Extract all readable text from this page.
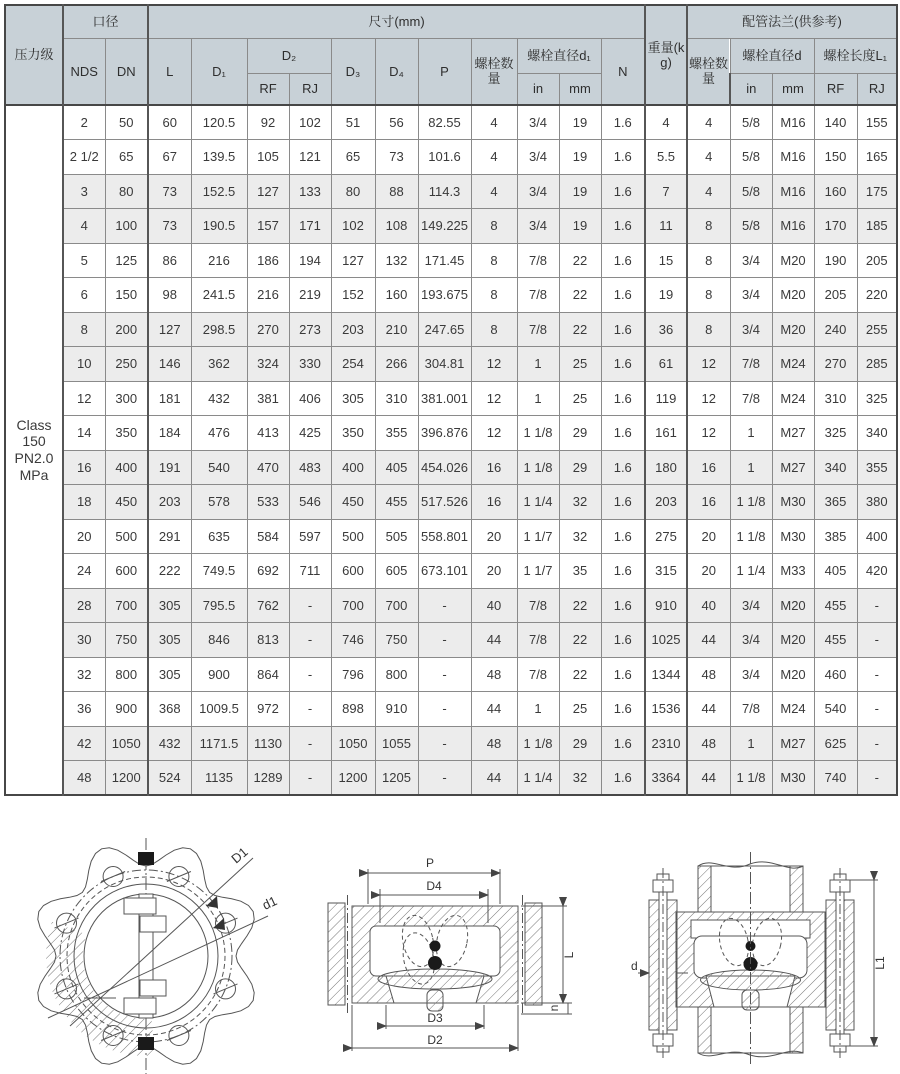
压力级	口径		尺寸(mm)											重量(kg)	配管法兰(供参考)				
	NDS	DN	L	D₁	D₂		D₃	D₄	P	螺栓数量	螺栓直径d₁		N		螺栓数量	螺栓直径d		螺栓长度L₁	
					RF	RJ					in	mm				in	mm	RF	RJ
Class 150 PN2.0 MPa	2	50	60	120.5	92	102	51	56	82.55	4	3/4	19	1.6	4	4	5/8	M16	140	155
	2 1/2	65	67	139.5	105	121	65	73	101.6	4	3/4	19	1.6	5.5	4	5/8	M16	150	165
	3	80	73	152.5	127	133	80	88	114.3	4	3/4	19	1.6	7	4	5/8	M16	160	175
	4	100	73	190.5	157	171	102	108	149.225	8	3/4	19	1.6	11	8	5/8	M16	170	185
	5	125	86	216	186	194	127	132	171.45	8	7/8	22	1.6	15	8	3/4	M20	190	205
	6	150	98	241.5	216	219	152	160	193.675	8	7/8	22	1.6	19	8	3/4	M20	205	220
	8	200	127	298.5	270	273	203	210	247.65	8	7/8	22	1.6	36	8	3/4	M20	240	255
	10	250	146	362	324	330	254	266	304.81	12	1	25	1.6	61	12	7/8	M24	270	285
	12	300	181	432	381	406	305	310	381.001	12	1	25	1.6	119	12	7/8	M24	310	325
	14	350	184	476	413	425	350	355	396.876	12	1 1/8	29	1.6	161	12	1	M27	325	340
	16	400	191	540	470	483	400	405	454.026	16	1 1/8	29	1.6	180	16	1	M27	340	355
	18	450	203	578	533	546	450	455	517.526	16	1 1/4	32	1.6	203	16	1 1/8	M30	365	380
	20	500	291	635	584	597	500	505	558.801	20	1 1/7	32	1.6	275	20	1 1/8	M30	385	400
	24	600	222	749.5	692	711	600	605	673.101	20	1 1/7	35	1.6	315	20	1 1/4	M33	405	420
	28	700	305	795.5	762	-	700	700	-	40	7/8	22	1.6	910	40	3/4	M20	455	-
	30	750	305	846	813	-	746	750	-	44	7/8	22	1.6	1025	44	3/4	M20	455	-
	32	800	305	900	864	-	796	800	-	48	7/8	22	1.6	1344	48	3/4	M20	460	-
	36	900	368	1009.5	972	-	898	910	-	44	1	25	1.6	1536	44	7/8	M24	540	-
	42	1050	432	1171.5	1130	-	1050	1055	-	48	1 1/8	29	1.6	2310	48	1	M27	625	-
	48	1200	524	1135	1289	-	1200	1205	-	44	1 1/4	32	1.6	3364	44	1 1/8	M30	740	-
D1
d1
P
D4
D3
D2
L
n
d	L1
